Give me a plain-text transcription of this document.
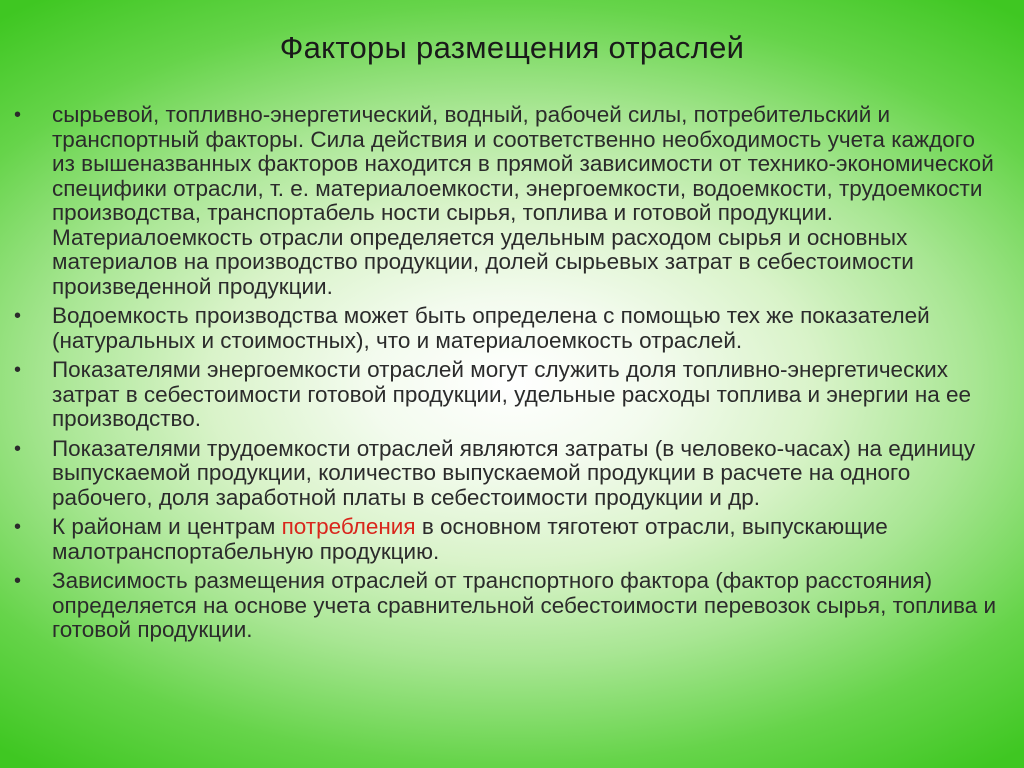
Факторы размещения отраслей
•	сырьевой, топливно-энергетический, водный, рабочей силы, потребительский и транспортный факторы. Сила действия и соответственно необходимость учета каждого из вышеназванных факторов находится в прямой зависимости от технико-экономической специфики отрасли, т. е. материалоемкости, энергоемкости, водоемкости, трудоемкости производства, транспортабель ности сырья, топлива и готовой продукции. Материалоемкость отрасли определяется удельным расходом сырья и основных материалов на производство продукции, долей сырьевых затрат в себестоимости произведенной продукции.
•	Водоемкость производства может быть определена с помощью тех же показателей (натуральных и стоимостных), что и материалоемкость отраслей.
•	Показателями энергоемкости отраслей могут служить доля топливно-энергетических затрат в себестоимости готовой продукции, удельные расходы топлива и энергии на ее производство.
•	Показателями трудоемкости отраслей являются затраты (в человеко-часах) на единицу выпускаемой продукции, количество выпускаемой продукции в расчете на одного рабочего, доля заработной платы в себестоимости продукции и др.
•	К районам и центрам потребления в основном тяготеют отрасли, выпускающие малотранспортабельную продукцию.
•	Зависимость размещения отраслей от транспортного фактора (фактор расстояния) определяется на основе учета сравнительной себестоимости перевозок сырья, топлива и готовой продукции.
